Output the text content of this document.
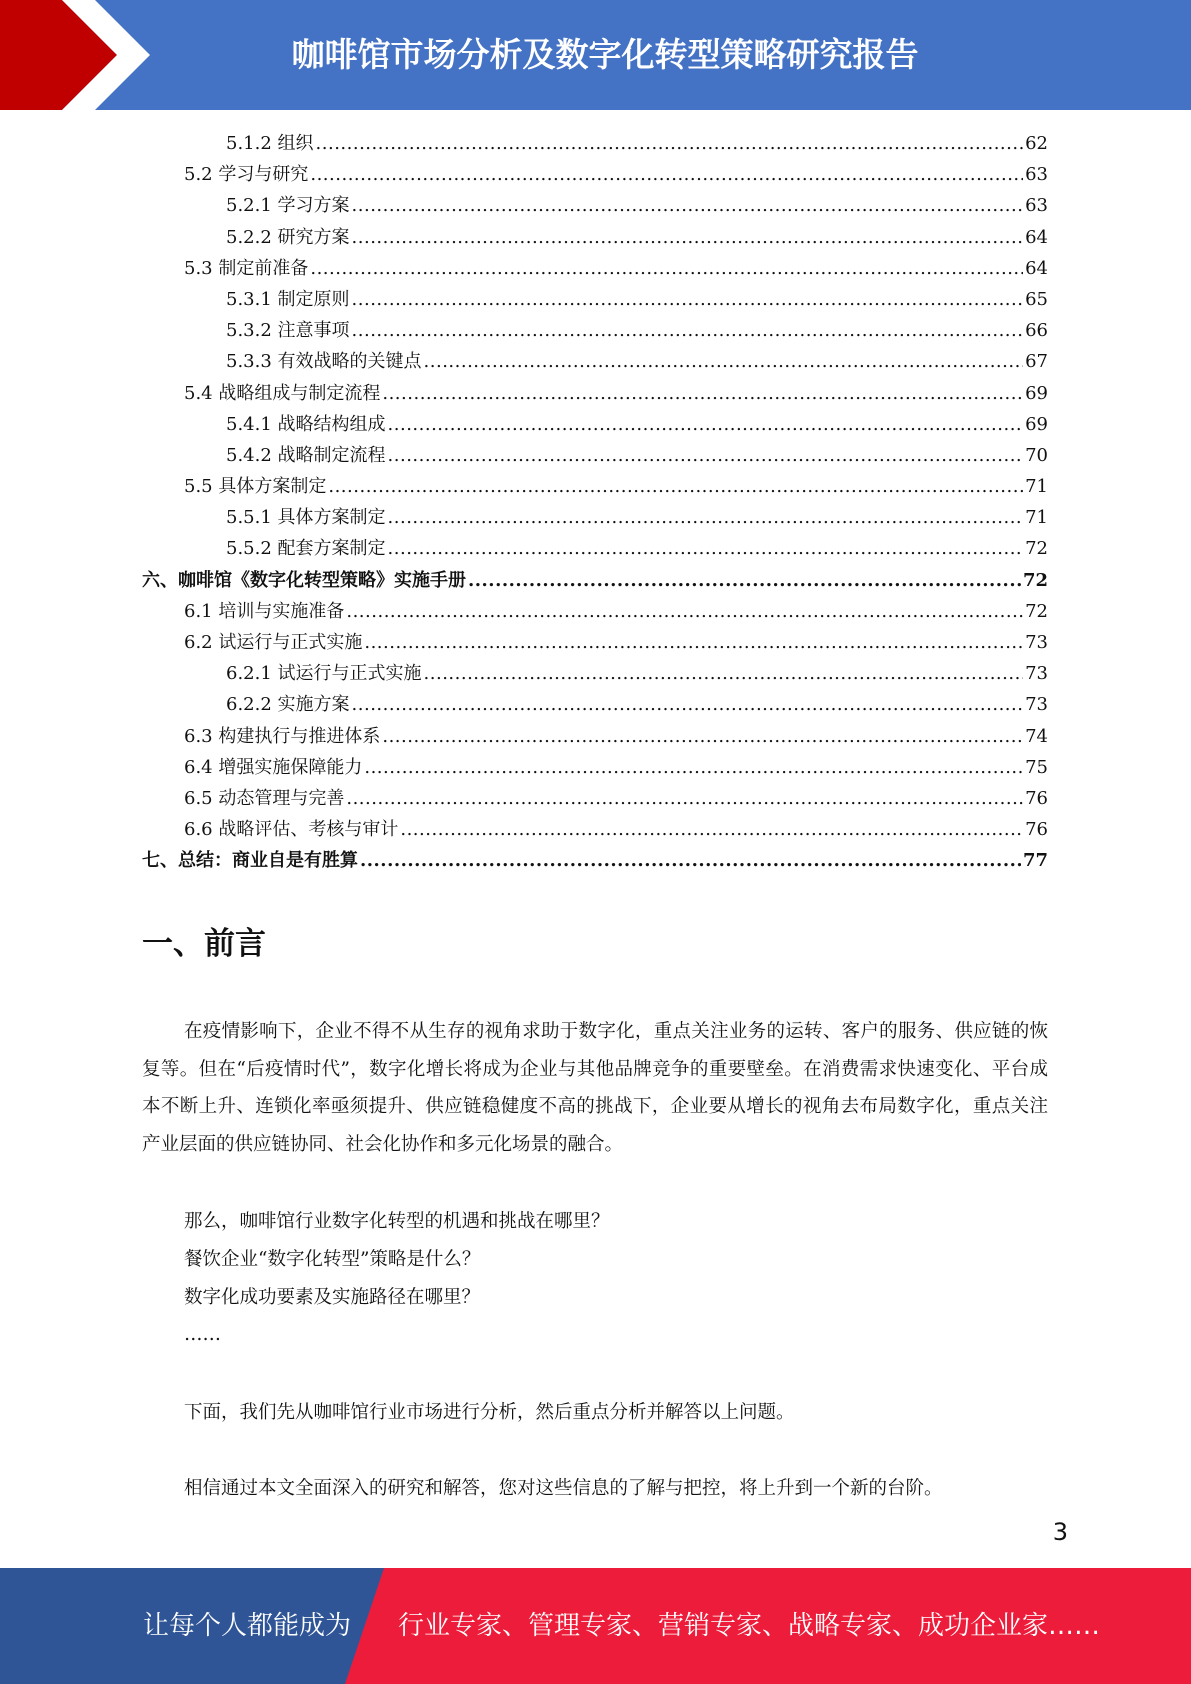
咖啡馆市场分析及数字化转型策略研究报告
5.1.2 组织 .....	62
5.2 学习与研究 .....	63
5.2.1 学习方案 .....	63
5.2.2 研究方案 .....	64
5.3 制定前准备 .....	64
5.3.1 制定原则 .....	65
5.3.2 注意事项 .....	66
5.3.3 有效战略的关键点 .....	67
5.4 战略组成与制定流程 .....	69
5.4.1 战略结构组成 .....	69
5.4.2 战略制定流程 .....	70
5.5 具体方案制定 .....	71
5.5.1 具体方案制定 .....	71
5.5.2 配套方案制定 .....	72
六、咖啡馆《数字化转型策略》实施手册 .....	72
6.1 培训与实施准备 .....	72
6.2 试运行与正式实施 .....	73
6.2.1 试运行与正式实施 .....	73
6.2.2 实施方案 .....	73
6.3 构建执行与推进体系 .....	74
6.4 增强实施保障能力 .....	75
6.5 动态管理与完善 .....	76
6.6 战略评估、考核与审计 .....	76
七、总结：商业自是有胜算 .....	77
一、前言
在疫情影响下，企业不得不从生存的视角求助于数字化，重点关注业务的运转、客户的服务、供应链的恢复等。但在“后疫情时代”，数字化增长将成为企业与其他品牌竞争的重要壁垒。在消费需求快速变化、平台成本不断上升、连锁化率亟须提升、供应链稳健度不高的挑战下，企业要从增长的视角去布局数字化，重点关注产业层面的供应链协同、社会化协作和多元化场景的融合。
那么，咖啡馆行业数字化转型的机遇和挑战在哪里？
餐饮企业“数字化转型”策略是什么？
数字化成功要素及实施路径在哪里？
……
下面，我们先从咖啡馆行业市场进行分析，然后重点分析并解答以上问题。
相信通过本文全面深入的研究和解答，您对这些信息的了解与把控，将上升到一个新的台阶。
3
让每个人都能成为 行业专家、管理专家、营销专家、战略专家、成功企业家……
